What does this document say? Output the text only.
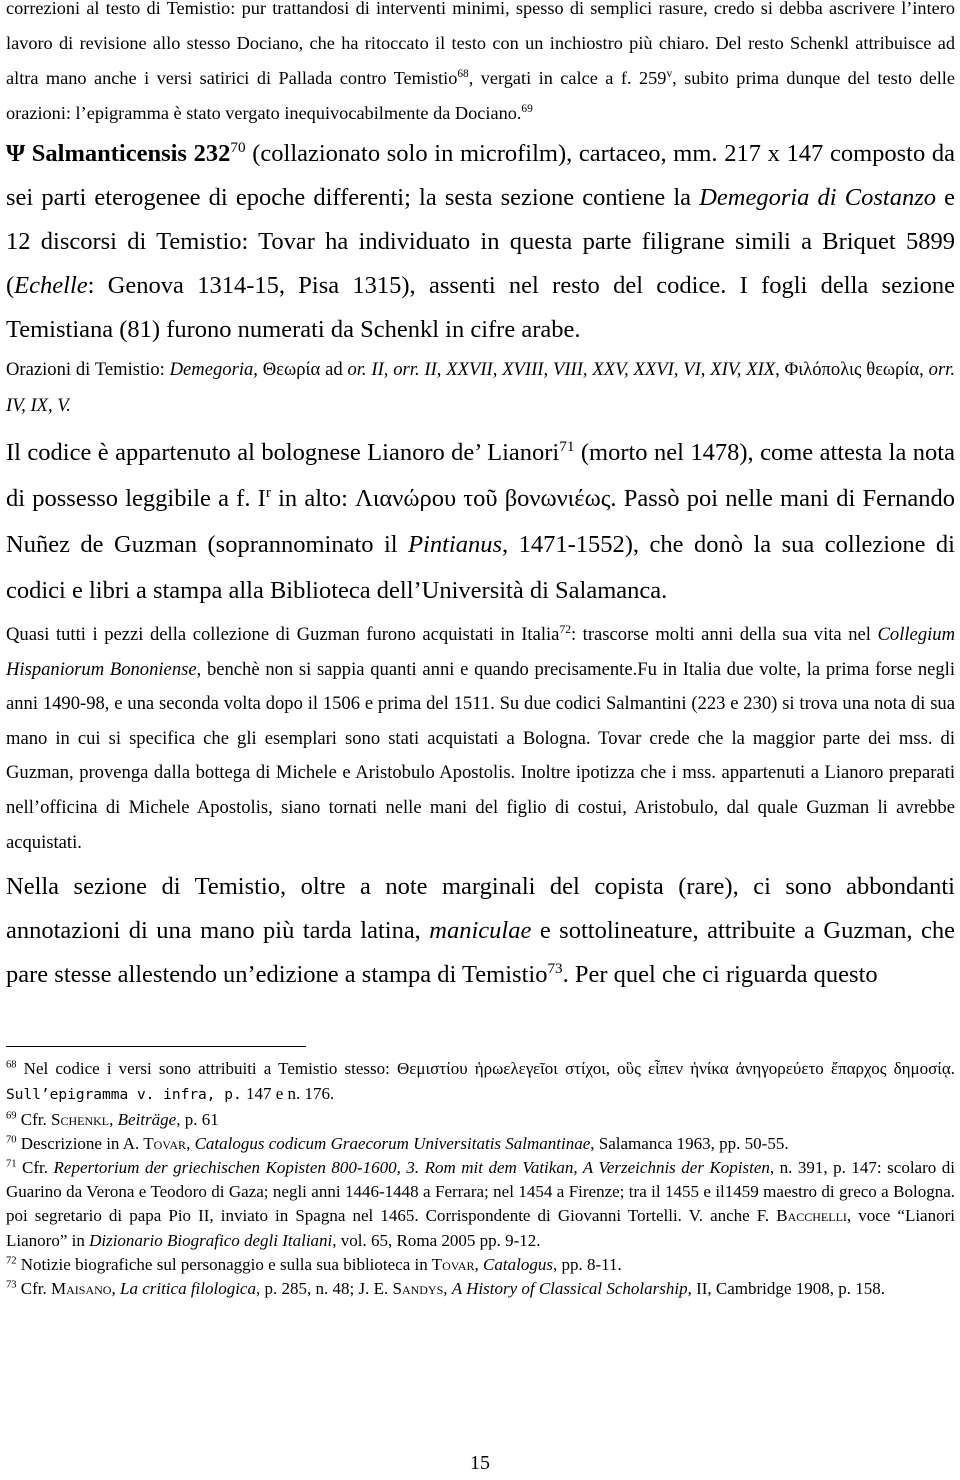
correzioni al testo di Temistio: pur trattandosi di interventi minimi, spesso di semplici rasure, credo si debba ascrivere l’intero lavoro di revisione allo stesso Dociano, che ha ritoccato il testo con un inchiostro più chiaro. Del resto Schenkl attribuisce ad altra mano anche i versi satirici di Pallada contro Temistio$^{68}$, vergati in calce a f. 259$^v$, subito prima dunque del testo delle orazioni: l’epigramma è stato vergato inequivocabilmente da Dociano.$^{69}$

Ψ Salmanticensis $232^{70}$ (collazionato solo in microfilm), cartaceo, mm. 217 x 147 composto da sei parti eterogenee di epoche differenti; la sesta sezione contiene la Demegoria di Costanzo e 12 discorsi di Temistio: Tovar ha individuato in questa parte filigrane simili a Briquet 5899 (Echelle: Genova 1314-15, Pisa 1315), assenti nel resto del codice. I fogli della sezione Temistiana (81) furono numerati da Schenkl in cifre arabe.

Orazioni di Temistio: Demegoria, Θεωρία ad or. II, orr. II, XXVII, XVIII, VIII, XXV, XXVI, VI, XIV, XIX, Φιλόπολις θεωρία, orr. IV, IX, V.

Il codice è appartenuto al bolognese Lianoro de’ Lianori$^{71}$ (morto nel 1478), come attesta la nota di possesso leggibile a f. $I^r$ in alto: Λιανώρου τοῦ βονωνιέως. Passò poi nelle mani di Fernando Nuñez de Guzman (soprannominato il Pintianus, 1471-1552), che donò la sua collezione di codici e libri a stampa alla Biblioteca dell’Università di Salamanca.

Quasi tutti i pezzi della collezione di Guzman furono acquistati in Italia$^{72}$: trascorse molti anni della sua vita nel Collegium Hispaniorum Bononiense, benchè non si sappia quanti anni e quando precisamente.Fu in Italia due volte, la prima forse negli anni 1490-98, e una seconda volta dopo il 1506 e prima del 1511. Su due codici Salmantini (223 e 230) si trova una nota di sua mano in cui si specifica che gli esemplari sono stati acquistati a Bologna. Tovar crede che la maggior parte dei mss. di Guzman, provenga dalla bottega di Michele e Aristobulo Apostolis. Inoltre ipotizza che i mss. appartenuti a Lianoro preparati nell’officina di Michele Apostolis, siano tornati nelle mani del figlio di costui, Aristobulo, dal quale Guzman li avrebbe acquistati.

Nella sezione di Temistio, oltre a note marginali del copista (rare), ci sono abbondanti annotazioni di una mano più tarda latina, maniculae e sottolineature, attribuite a Guzman, che pare stesse allestendo un’edizione a stampa di Temistio$^{73}$. Per quel che ci riguarda questo

$^{68}$ Nel codice i versi sono attribuiti a Temistio stesso: Θεμιστίου ἡρωελεγεῖοι στίχοι, οὓς εἶπεν ἡνίκα ἀνηγορεύετο ἔπαρχος δημοσίᾳ. Sull’epigramma v. infra, p. 147 e n. 176.

$^{69}$ Cfr. Schenkl, Beiträge, p. 61

$^{70}$ Descrizione in A. Tovar, Catalogus codicum Graecorum Universitatis Salmantinae, Salamanca 1963, pp. 50-55.

$^{71}$ Cfr. Repertorium der griechischen Kopisten 800-1600, 3. Rom mit dem Vatikan, A Verzeichnis der Kopisten, n. 391, p. 147: scolaro di Guarino da Verona e Teodoro di Gaza; negli anni 1446-1448 a Ferrara; nel 1454 a Firenze; tra il 1455 e il1459 maestro di greco a Bologna. poi segretario di papa Pio II, inviato in Spagna nel 1465. Corrispondente di Giovanni Tortelli. V. anche F. Bacchelli, voce “Lianori Lianoro” in Dizionario Biografico degli Italiani, vol. 65, Roma 2005 pp. 9-12.

$^{72}$ Notizie biografiche sul personaggio e sulla sua biblioteca in Tovar, Catalogus, pp. 8-11.

$^{73}$ Cfr. Maisano, La critica filologica, p. 285, n. 48; J. E. Sandys, A History of Classical Scholarship, II, Cambridge 1908, p. 158.

15
